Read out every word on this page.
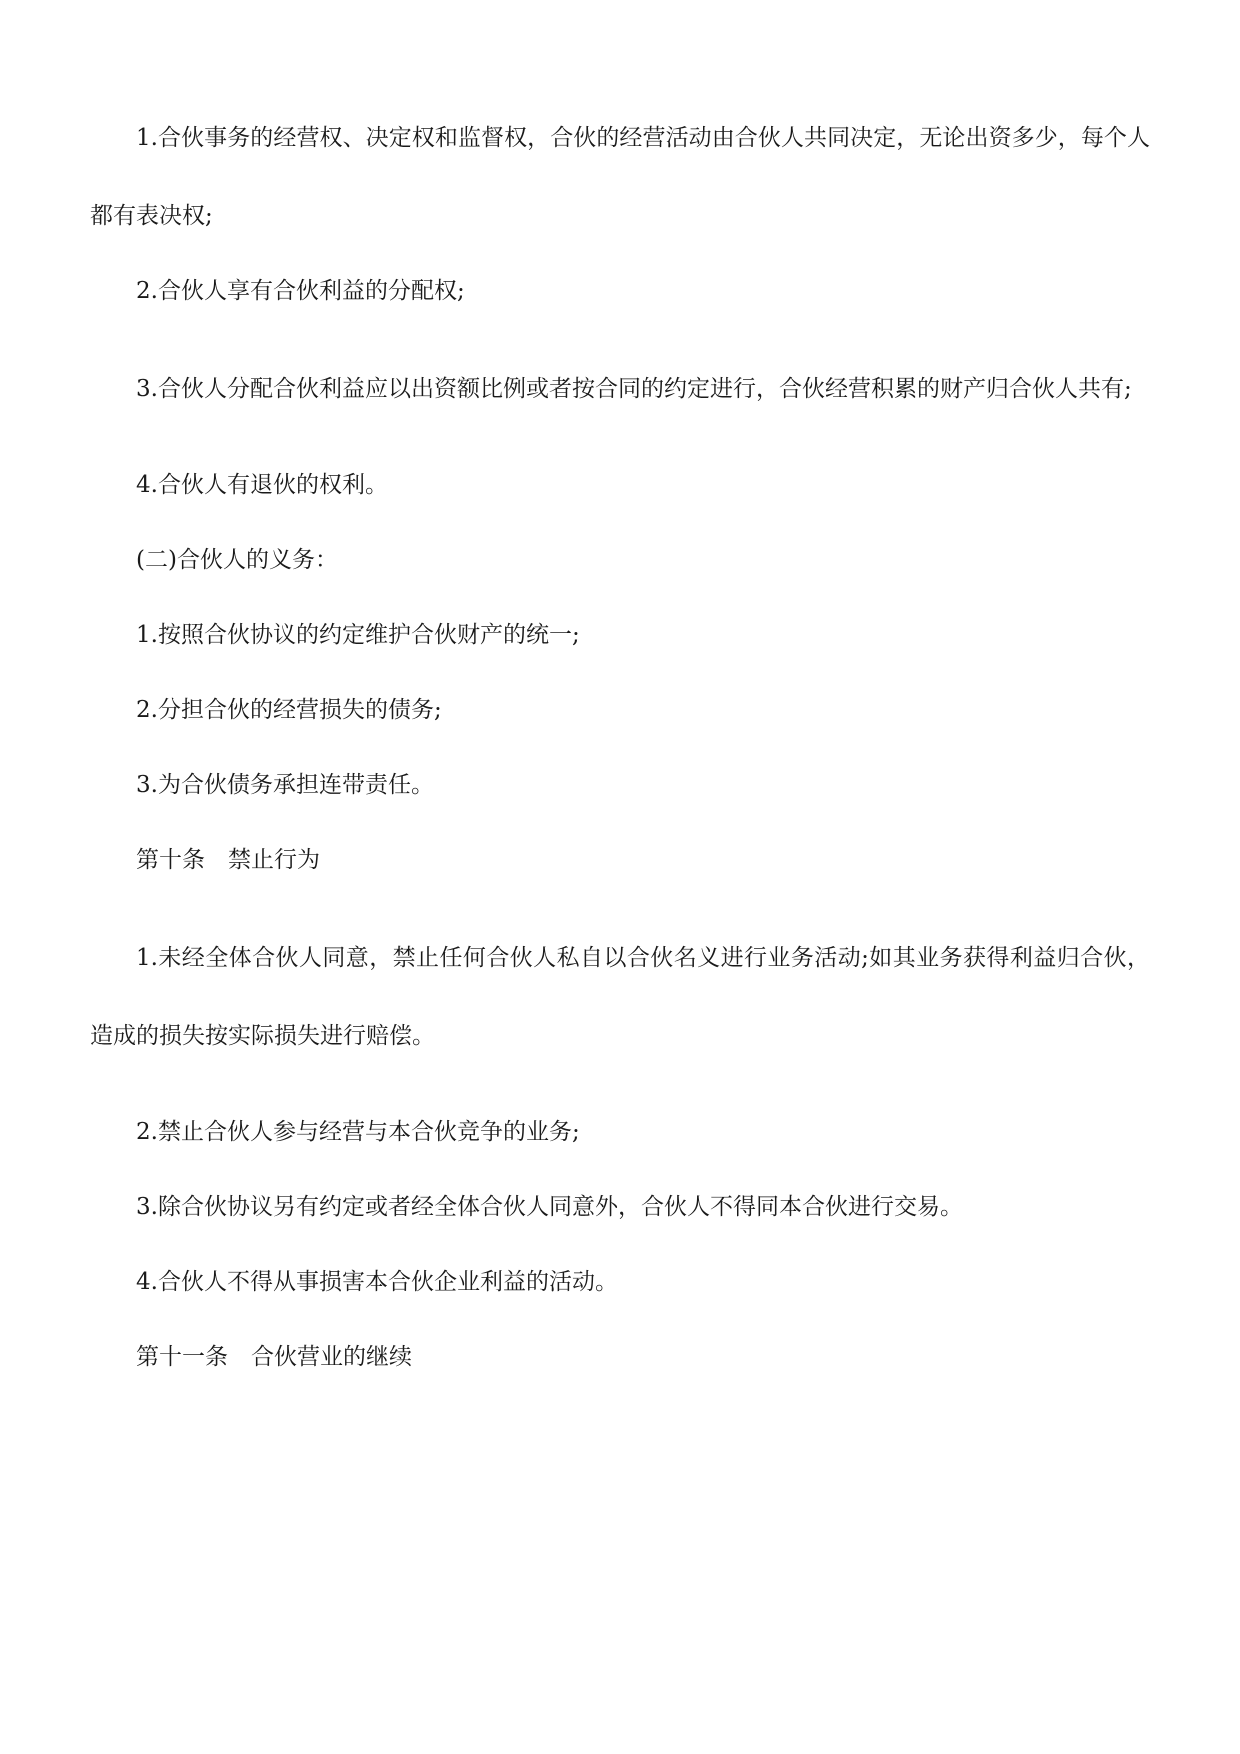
1.合伙事务的经营权、决定权和监督权，合伙的经营活动由合伙人共同决定，无论出资多少，每个人都有表决权;

2.合伙人享有合伙利益的分配权;

3.合伙人分配合伙利益应以出资额比例或者按合同的约定进行，合伙经营积累的财产归合伙人共有;

4.合伙人有退伙的权利。

(二)合伙人的义务：

1.按照合伙协议的约定维护合伙财产的统一;

2.分担合伙的经营损失的债务;

3.为合伙债务承担连带责任。

第十条　禁止行为

1.未经全体合伙人同意，禁止任何合伙人私自以合伙名义进行业务活动;如其业务获得利益归合伙，造成的损失按实际损失进行赔偿。

2.禁止合伙人参与经营与本合伙竞争的业务;

3.除合伙协议另有约定或者经全体合伙人同意外，合伙人不得同本合伙进行交易。

4.合伙人不得从事损害本合伙企业利益的活动。

第十一条　合伙营业的继续
